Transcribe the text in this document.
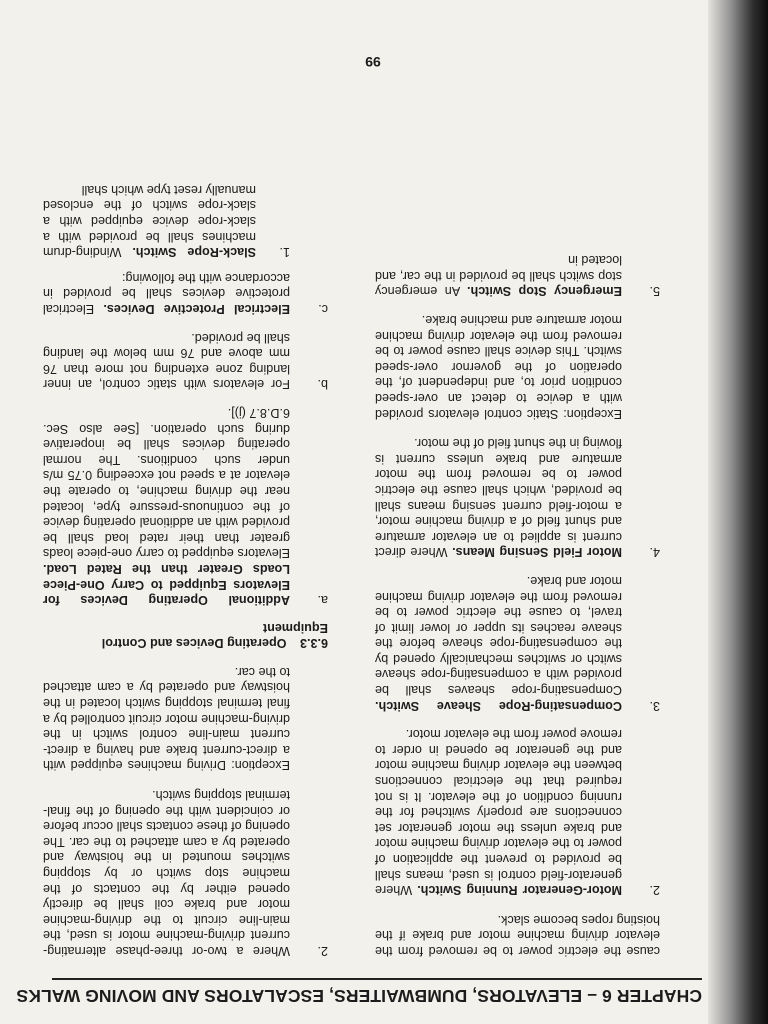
CHAPTER 6 – ELEVATORS, DUMBWAITERS, ESCALATORS AND MOVING WALKS

cause the electric power to be removed from the elevator driving machine motor and brake if the hoisting ropes become slack.

2.
Motor-Generator Running Switch. Where generator-field control is used, means shall be provided to prevent the application of power to the elevator driving machine motor and brake unless the motor generator set connections are properly switched for the running condition of the elevator. It is not required that the electrical connections between the elevator driving machine motor and the generator be opened in order to remove power from the elevator motor.
3.
Compensating-Rope Sheave Switch. Compensating-rope sheaves shall be provided with a compensating-rope sheave switch or switches mechanically opened by the compensating-rope sheave before the sheave reaches its upper or lower limit of travel, to cause the electric power to be removed from the elevator driving machine motor and brake.
4.
Motor Field Sensing Means. Where direct current is applied to an elevator armature and shunt field of a driving machine motor, a motor-field current sensing means shall be provided, which shall cause the electric power to be removed from the motor armature and brake unless current is flowing in the shunt field of the motor.
Exception: Static control elevators provided with a device to detect an over-speed condition prior to, and independent of, the operation of the governor over-speed switch. This device shall cause power to be removed from the elevator driving machine motor armature and machine brake.
5.
Emergency Stop Switch. An emergency stop switch shall be provided in the car, and located in
2.
Where a two-or three-phase alternating-current driving-machine motor is used, the main-line circuit to the driving-machine motor and brake coil shall be directly opened either by the contacts of the machine stop switch or by stopping switches mounted in the hoistway and operated by a cam attached to the car. The opening of these contacts shall occur before or coincident with the opening of the final-terminal stopping switch.
Exception: Driving machines equipped with a direct-current brake and having a direct-current main-line control switch in the driving-machine motor circuit controlled by a final terminal stopping switch located in the hoistway and operated by a cam attached to the car.
6.3.3 Operating Devices and Control Equipment
a.
Additional Operating Devices for Elevators Equipped to Carry One-Piece Loads Greater than the Rated Load. Elevators equipped to carry one-piece loads greater than their rated load shall be provided with an additional operating device of the continuous-pressure type, located near the driving machine, to operate the elevator at a speed not exceeding 0.75 m/s under such conditions. The normal operating devices shall be inoperative during such operation. [See also Sec. 6.D.8.7 (j)].
b.
For elevators with static control, an inner landing zone extending not more than 76 mm above and 76 mm below the landing shall be provided.
c.
Electrical Protective Devices. Electrical protective devices shall be provided in accordance with the following:
1.
Slack-Rope Switch. Winding-drum machines shall be provided with a slack-rope device equipped with a slack-rope switch of the enclosed manually reset type which shall
99
